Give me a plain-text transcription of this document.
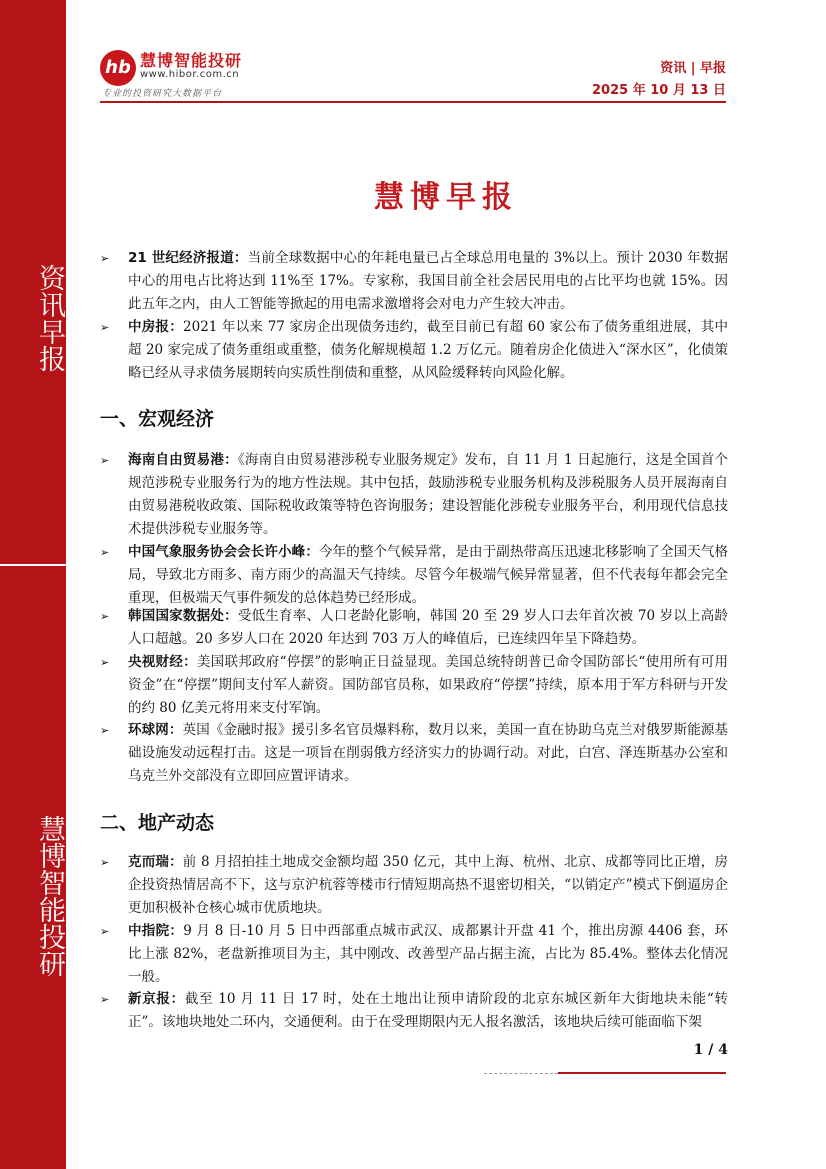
资讯早报
慧博智能投研
hb 慧博智能投研
www.hibor.com.cn
专业的投资研究大数据平台
资讯 | 早报
2025 年 10 月 13 日
慧博早报
➢ 21 世纪经济报道：当前全球数据中心的年耗电量已占全球总用电量的 3%以上。预计 2030 年数据中心的用电占比将达到 11%至 17%。专家称，我国目前全社会居民用电的占比平均也就 15%。因此五年之内，由人工智能等掀起的用电需求激增将会对电力产生较大冲击。
➢ 中房报：2021 年以来 77 家房企出现债务违约，截至目前已有超 60 家公布了债务重组进展，其中超 20 家完成了债务重组或重整，债务化解规模超 1.2 万亿元。随着房企化债进入“深水区”，化债策略已经从寻求债务展期转向实质性削债和重整，从风险缓释转向风险化解。
一、宏观经济
➢ 海南自由贸易港：《海南自由贸易港涉税专业服务规定》发布，自 11 月 1 日起施行，这是全国首个规范涉税专业服务行为的地方性法规。其中包括，鼓励涉税专业服务机构及涉税服务人员开展海南自由贸易港税收政策、国际税收政策等特色咨询服务；建设智能化涉税专业服务平台，利用现代信息技术提供涉税专业服务等。
➢ 中国气象服务协会会长许小峰：今年的整个气候异常，是由于副热带高压迅速北移影响了全国天气格局，导致北方雨多、南方雨少的高温天气持续。尽管今年极端气候异常显著，但不代表每年都会完全重现，但极端天气事件频发的总体趋势已经形成。
➢ 韩国国家数据处：受低生育率、人口老龄化影响，韩国 20 至 29 岁人口去年首次被 70 岁以上高龄人口超越。20 多岁人口在 2020 年达到 703 万人的峰值后，已连续四年呈下降趋势。
➢ 央视财经：美国联邦政府“停摆”的影响正日益显现。美国总统特朗普已命令国防部长“使用所有可用资金”在“停摆”期间支付军人薪资。国防部官员称，如果政府“停摆”持续，原本用于军方科研与开发的约 80 亿美元将用来支付军饷。
➢ 环球网：英国《金融时报》援引多名官员爆料称，数月以来，美国一直在协助乌克兰对俄罗斯能源基础设施发动远程打击。这是一项旨在削弱俄方经济实力的协调行动。对此，白宫、泽连斯基办公室和乌克兰外交部没有立即回应置评请求。
二、地产动态
➢ 克而瑞：前 8 月招拍挂土地成交金额均超 350 亿元，其中上海、杭州、北京、成都等同比正增，房企投资热情居高不下，这与京沪杭蓉等楼市行情短期高热不退密切相关，“以销定产”模式下倒逼房企更加积极补仓核心城市优质地块。
➢ 中指院：9 月 8 日-10 月 5 日中西部重点城市武汉、成都累计开盘 41 个，推出房源 4406 套，环比上涨 82%，老盘新推项目为主，其中刚改、改善型产品占据主流，占比为 85.4%。整体去化情况一般。
➢ 新京报：截至 10 月 11 日 17 时，处在土地出让预申请阶段的北京东城区新年大街地块未能“转正”。该地块地处二环内，交通便利。由于在受理期限内无人报名激活，该地块后续可能面临下架
1 / 4
